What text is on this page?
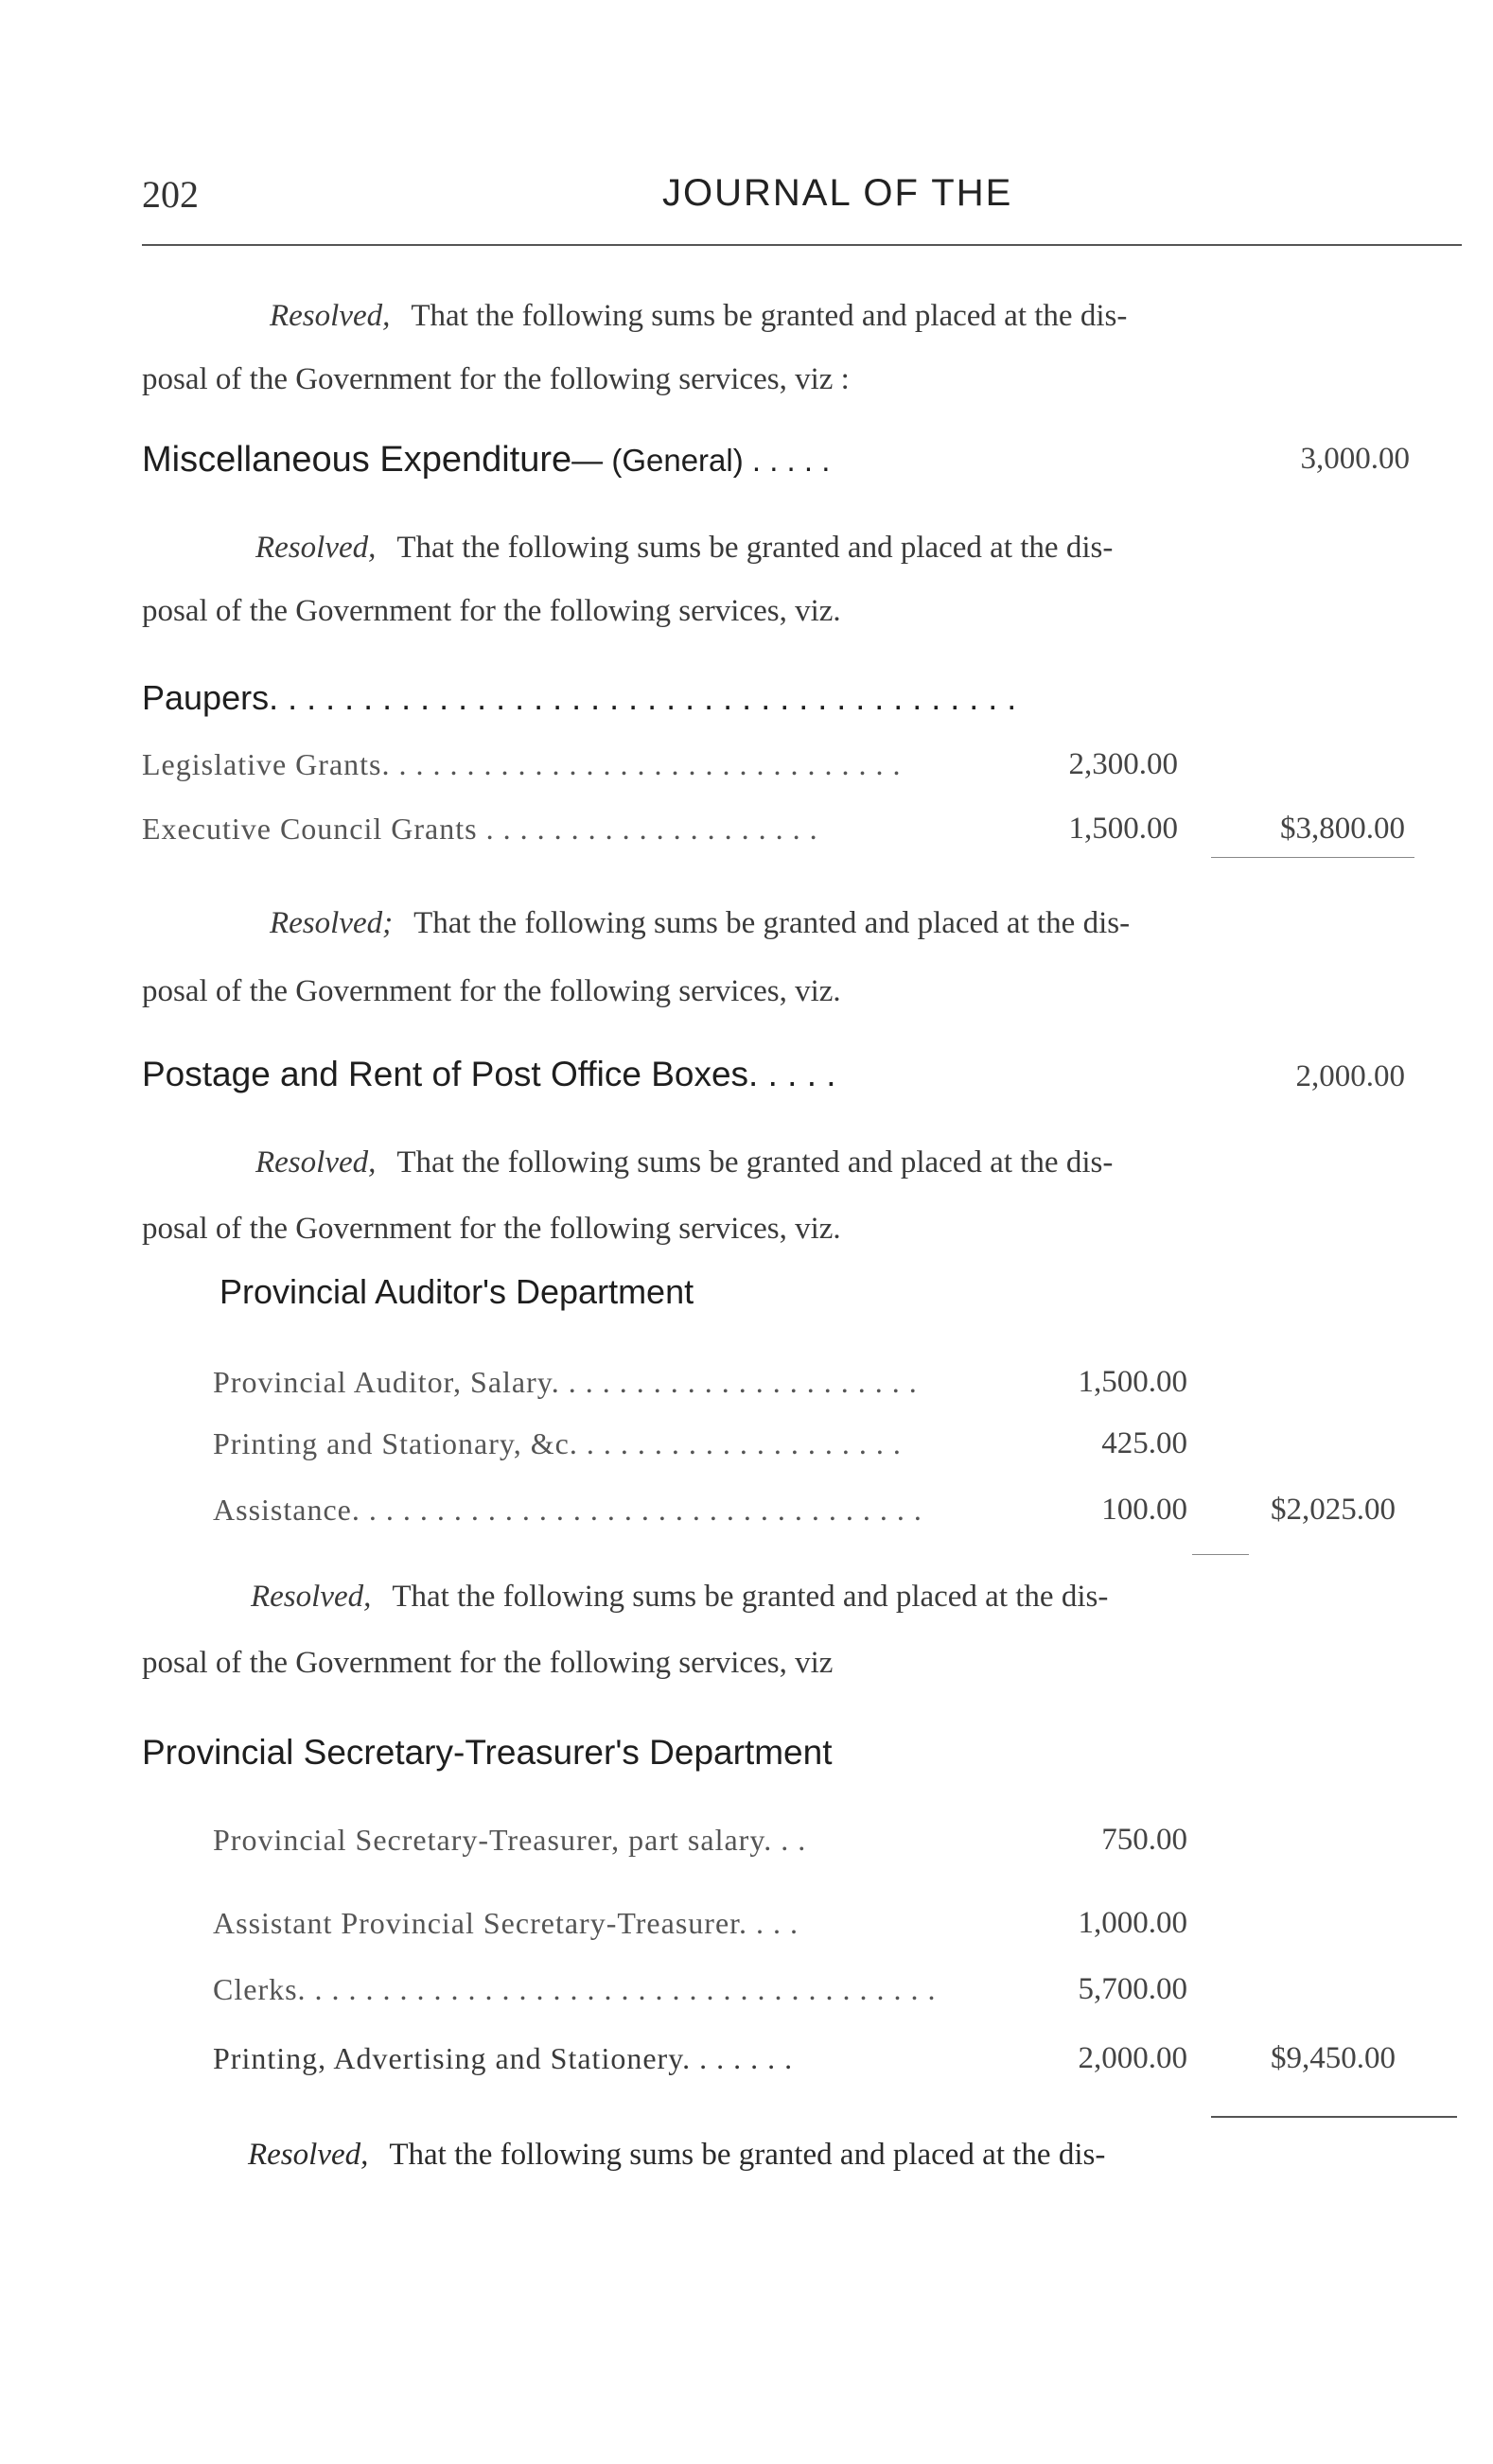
202	JOURNAL OF THE
Resolved, That the following sums be granted and placed at the dis-
posal of the Government for the following services, viz :
Miscellaneous Expenditure— (General) . . . . .	3,000.00
Resolved, That the following sums be granted and placed at the dis-
posal of the Government for the following services, viz.
Paupers. . . . . . . . . . . . . . . . . . . . . . . . . . . . . . . . . . . . . . . .
Legislative Grants. . . . . . . . . . . . . . . . . . . . . . . . . . . . . . .	2,300.00
Executive Council Grants . . . . . . . . . . . . . . . . . . . .	1,500.00	$3,800.00
Resolved; That the following sums be granted and placed at the dis-
posal of the Government for the following services, viz.
Postage and Rent of Post Office Boxes. . . . .	2,000.00
Resolved, That the following sums be granted and placed at the dis-
posal of the Government for the following services, viz.
Provincial Auditor's Department
Provincial Auditor, Salary. . . . . . . . . . . . . . . . . . . . . .	1,500.00
Printing and Stationary, &c. . . . . . . . . . . . . . . . . . . .	425.00
Assistance. . . . . . . . . . . . . . . . . . . . . . . . . . . . . . . . . .	100.00	$2,025.00
Resolved, That the following sums be granted and placed at the dis-
posal of the Government for the following services, viz
Provincial Secretary-Treasurer's Department
Provincial Secretary-Treasurer, part salary. . .	750.00
Assistant Provincial Secretary-Treasurer. . . .	1,000.00
Clerks. . . . . . . . . . . . . . . . . . . . . . . . . . . . . . . . . . . . . .	5,700.00
Printing, Advertising and Stationery. . . . . . .	2,000.00	$9,450.00
Resolved, That the following sums be granted and placed at the dis-
